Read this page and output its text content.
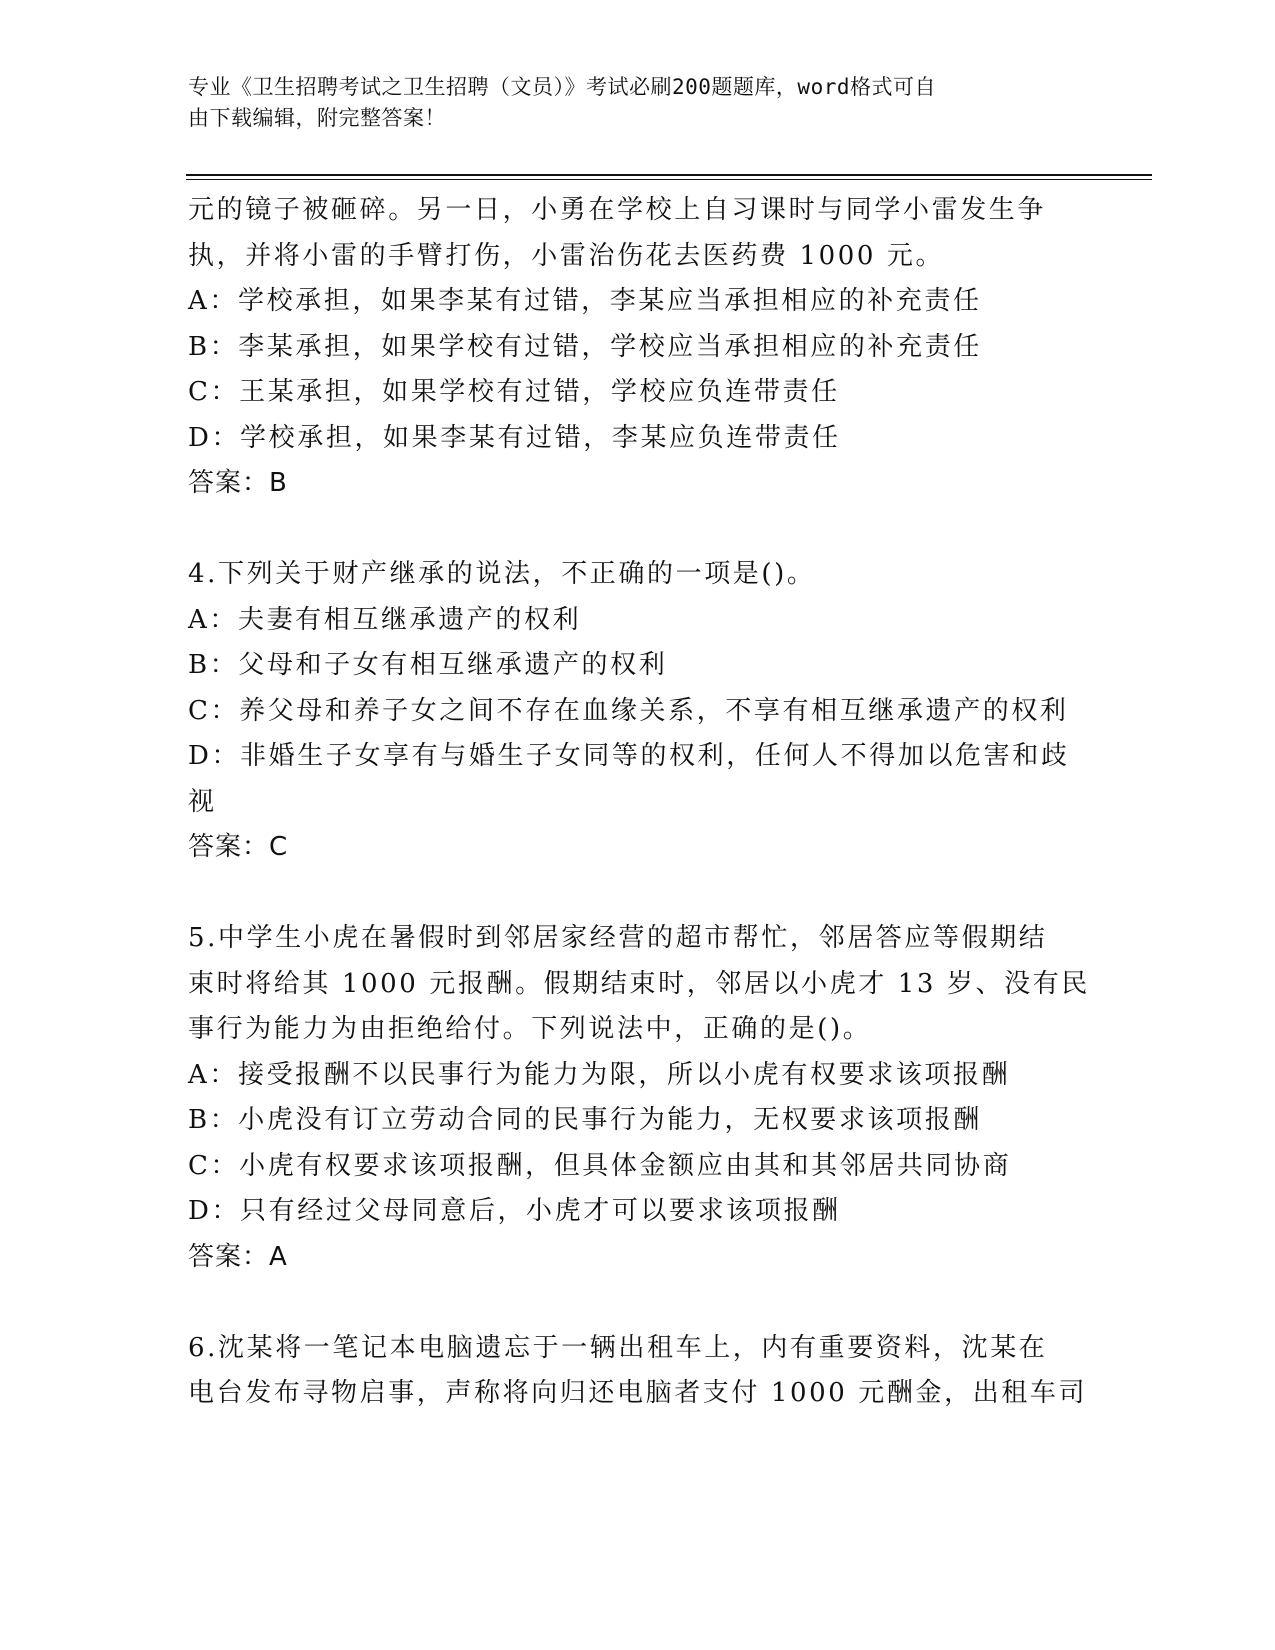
专业《卫生招聘考试之卫生招聘（文员）》考试必刷200题题库，word格式可自
由下载编辑，附完整答案！
元的镜子被砸碎。另一日，小勇在学校上自习课时与同学小雷发生争
执，并将小雷的手臂打伤，小雷治伤花去医药费 1000 元。
A：学校承担，如果李某有过错，李某应当承担相应的补充责任
B：李某承担，如果学校有过错，学校应当承担相应的补充责任
C：王某承担，如果学校有过错，学校应负连带责任
D：学校承担，如果李某有过错，李某应负连带责任
答案：B
4.下列关于财产继承的说法，不正确的一项是()。
A：夫妻有相互继承遗产的权利
B：父母和子女有相互继承遗产的权利
C：养父母和养子女之间不存在血缘关系，不享有相互继承遗产的权利
D：非婚生子女享有与婚生子女同等的权利，任何人不得加以危害和歧
视
答案：C
5.中学生小虎在暑假时到邻居家经营的超市帮忙，邻居答应等假期结
束时将给其 1000 元报酬。假期结束时，邻居以小虎才 13 岁、没有民
事行为能力为由拒绝给付。下列说法中，正确的是()。
A：接受报酬不以民事行为能力为限，所以小虎有权要求该项报酬
B：小虎没有订立劳动合同的民事行为能力，无权要求该项报酬
C：小虎有权要求该项报酬，但具体金额应由其和其邻居共同协商
D：只有经过父母同意后，小虎才可以要求该项报酬
答案：A
6.沈某将一笔记本电脑遗忘于一辆出租车上，内有重要资料，沈某在
电台发布寻物启事，声称将向归还电脑者支付 1000 元酬金，出租车司
